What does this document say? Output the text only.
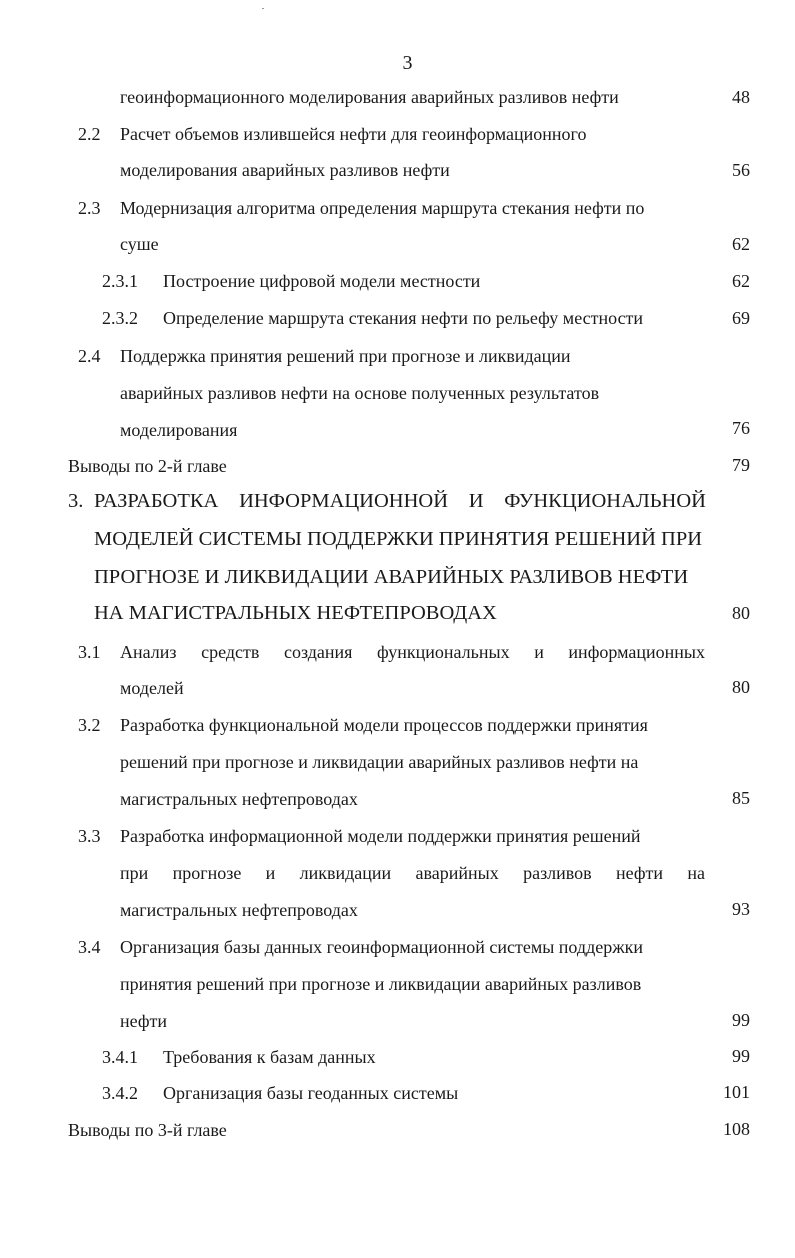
3
геоинформационного моделирования аварийных разливов нефти	48
2.2 Расчет объемов излившейся нефти для геоинформационного
моделирования аварийных разливов нефти	56
2.3 Модернизация алгоритма определения маршрута стекания нефти по
суше	62
2.3.1 Построение цифровой модели местности	62
2.3.2 Определение маршрута стекания нефти по рельефу местности	69
2.4 Поддержка принятия решений при прогнозе и ликвидации
аварийных разливов нефти на основе полученных результатов
моделирования	76
Выводы по 2-й главе	79
3. РАЗРАБОТКА ИНФОРМАЦИОННОЙ И ФУНКЦИОНАЛЬНОЙ
МОДЕЛЕЙ СИСТЕМЫ ПОДДЕРЖКИ ПРИНЯТИЯ РЕШЕНИЙ ПРИ
ПРОГНОЗЕ И ЛИКВИДАЦИИ АВАРИЙНЫХ РАЗЛИВОВ НЕФТИ
НА МАГИСТРАЛЬНЫХ НЕФТЕПРОВОДАХ	80
3.1 Анализ средств создания функциональных и информационных
моделей	80
3.2 Разработка функциональной модели процессов поддержки принятия
решений при прогнозе и ликвидации аварийных разливов нефти на
магистральных нефтепроводах	85
3.3 Разработка информационной модели поддержки принятия решений
при прогнозе и ликвидации аварийных разливов нефти на
магистральных нефтепроводах	93
3.4 Организация базы данных геоинформационной системы поддержки
принятия решений при прогнозе и ликвидации аварийных разливов
нефти	99
3.4.1 Требования к базам данных	99
3.4.2 Организация базы геоданных системы	101
Выводы по 3-й главе	108
